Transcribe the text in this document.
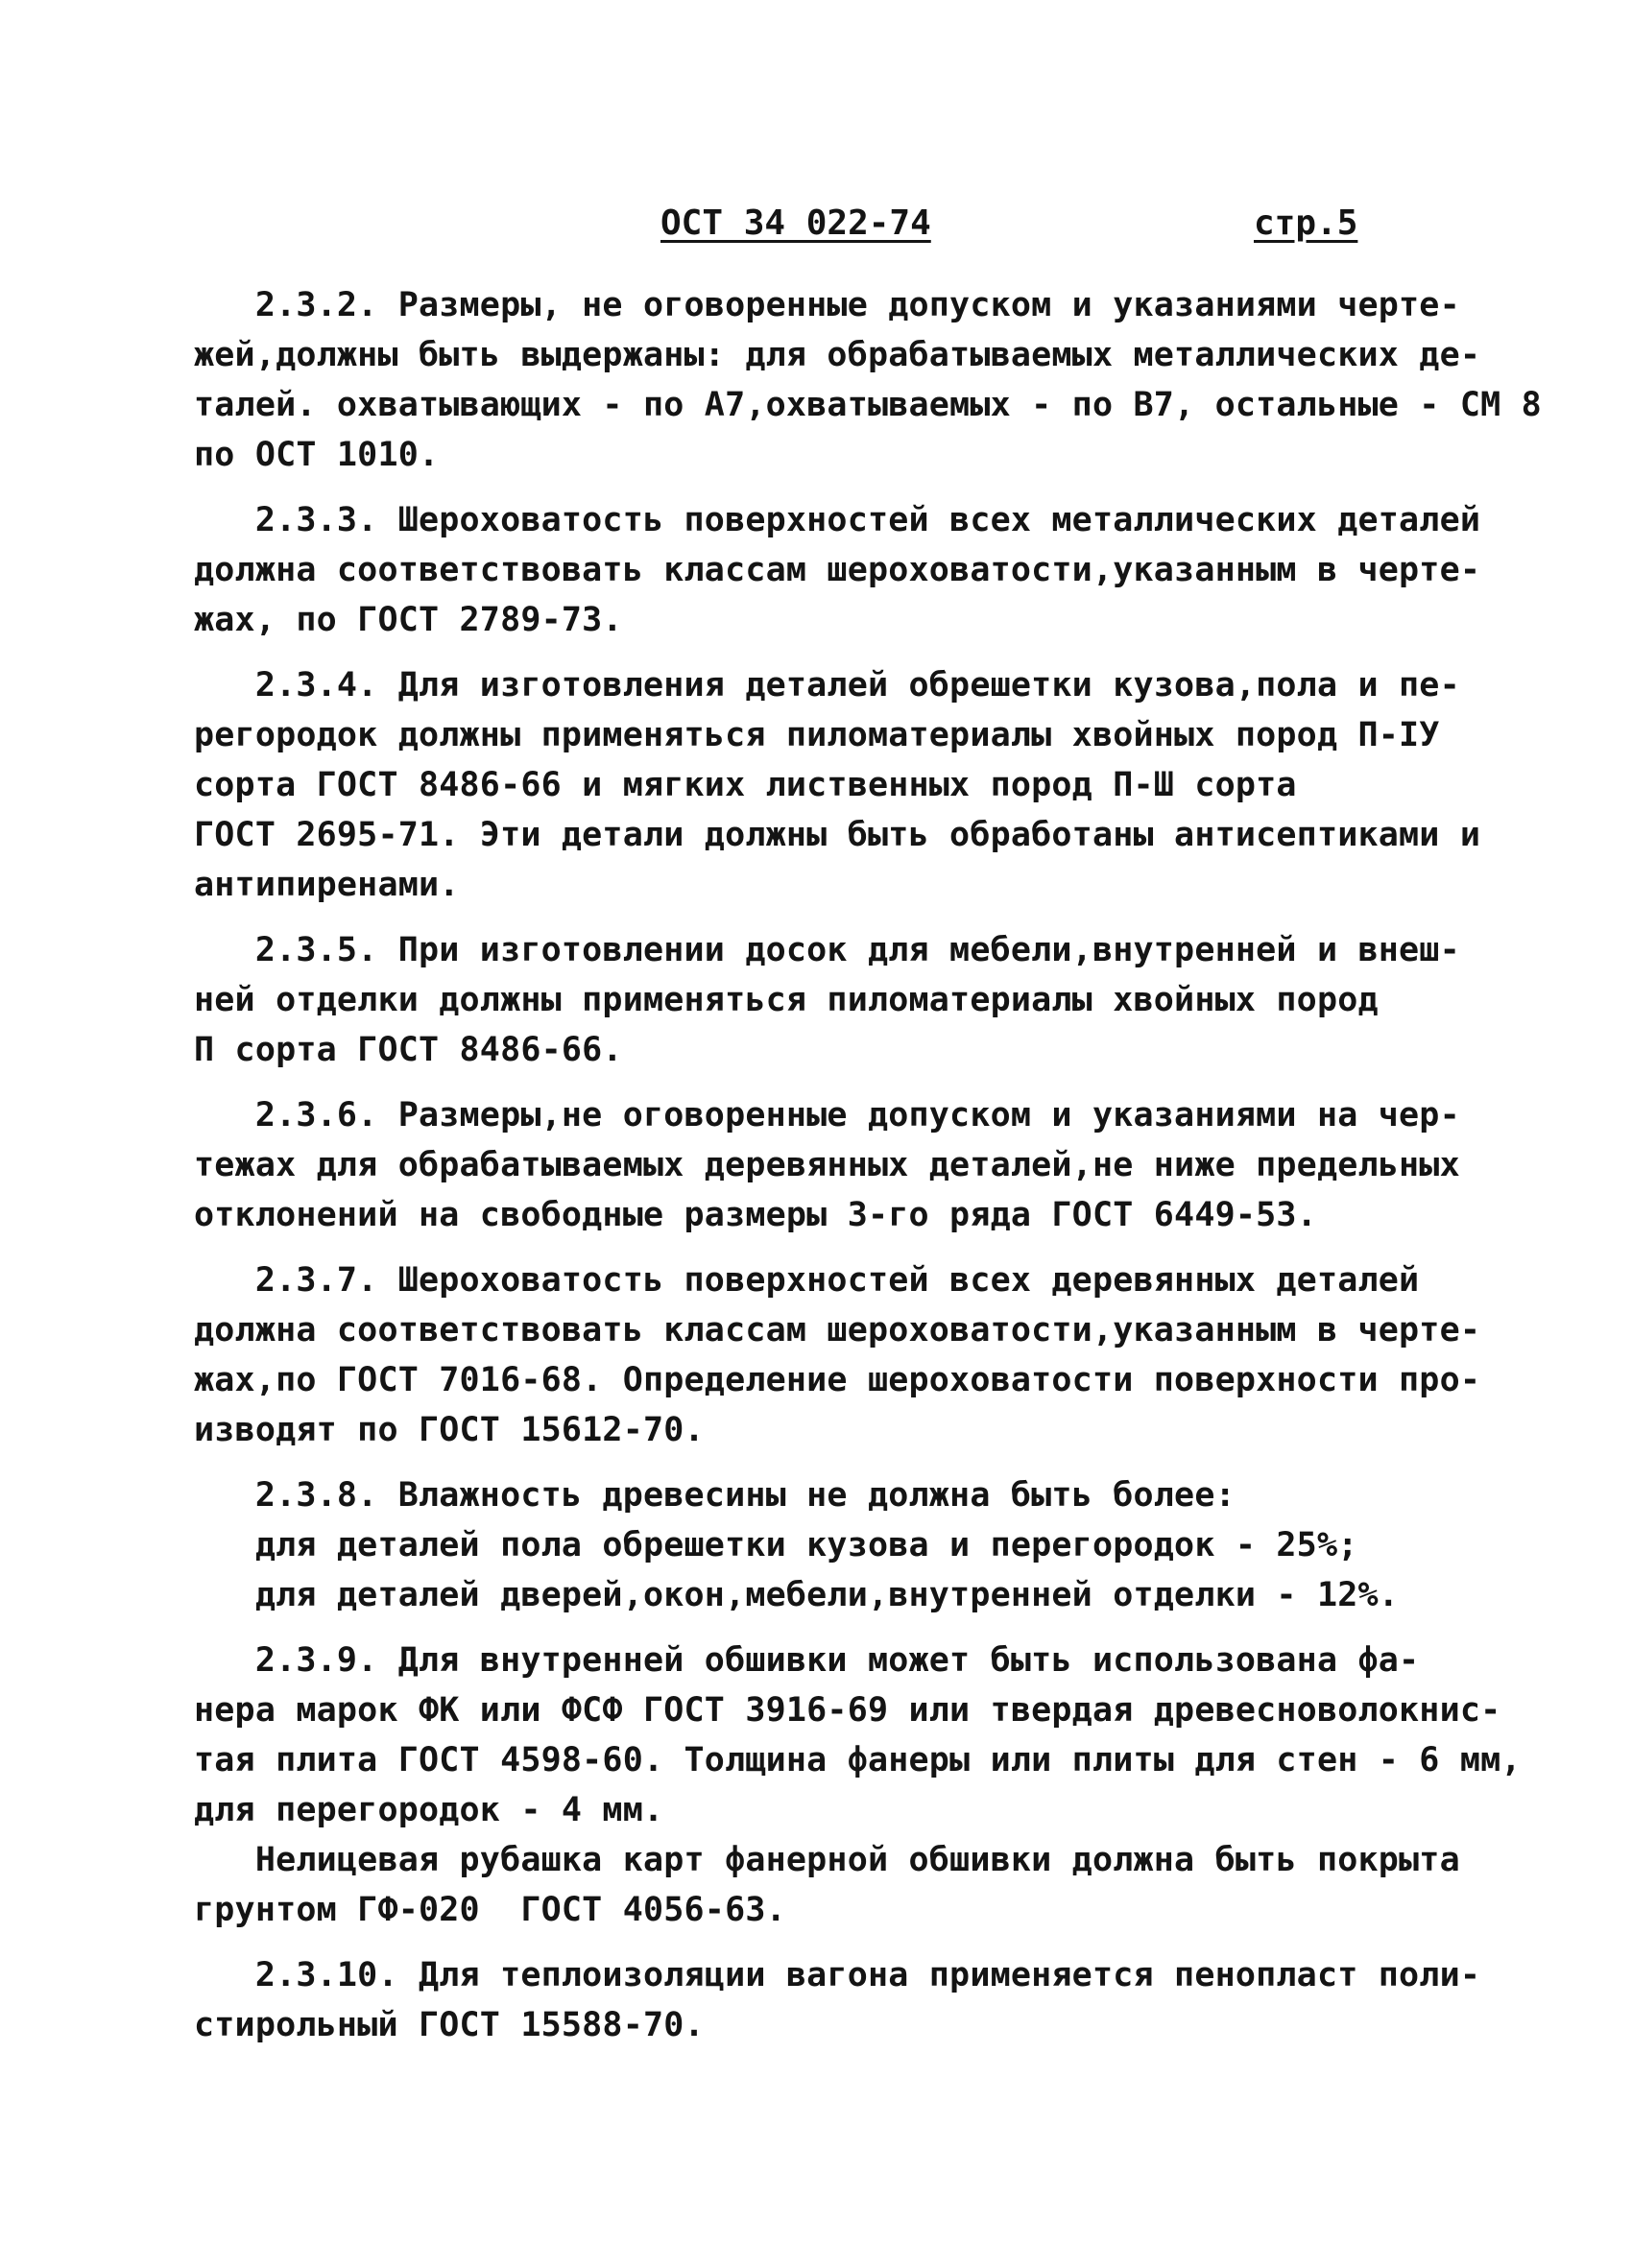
ОСТ 34 022-74	стр.5
2.3.2. Размеры, не оговоренные допуском и указаниями черте-
жей,должны быть выдержаны: для обрабатываемых металлических де-
талей. охватывающих - по А7,охватываемых - по В7, остальные - СМ 8
по ОСТ 1010.
2.3.3. Шероховатость поверхностей всех металлических деталей
должна соответствовать классам шероховатости,указанным в черте-
жах, по ГОСТ 2789-73.
2.3.4. Для изготовления деталей обрешетки кузова,пола и пе-
регородок должны применяться пиломатериалы хвойных пород П-IУ
сорта ГОСТ 8486-66 и мягких лиственных пород П-Ш сорта
ГОСТ 2695-71. Эти детали должны быть обработаны антисептиками и
антипиренами.
2.3.5. При изготовлении досок для мебели,внутренней и внеш-
ней отделки должны применяться пиломатериалы хвойных пород
П сорта ГОСТ 8486-66.
2.3.6. Размеры,не оговоренные допуском и указаниями на чер-
тежах для обрабатываемых деревянных деталей,не ниже предельных
отклонений на свободные размеры 3-го ряда ГОСТ 6449-53.
2.3.7. Шероховатость поверхностей всех деревянных деталей
должна соответствовать классам шероховатости,указанным в черте-
жах,по ГОСТ 7016-68. Определение шероховатости поверхности про-
изводят по ГОСТ 15612-70.
2.3.8. Влажность древесины не должна быть более:
для деталей пола обрешетки кузова и перегородок - 25%;
для деталей дверей,окон,мебели,внутренней отделки - 12%.
2.3.9. Для внутренней обшивки может быть использована фа-
нера марок ФК или ФСФ ГОСТ 3916-69 или твердая древесноволокнис-
тая плита ГОСТ 4598-60. Толщина фанеры или плиты для стен - 6 мм,
для перегородок - 4 мм.
Нелицевая рубашка карт фанерной обшивки должна быть покрыта
грунтом ГФ-020  ГОСТ 4056-63.
2.3.10. Для теплоизоляции вагона применяется пенопласт поли-
стирольный ГОСТ 15588-70.
